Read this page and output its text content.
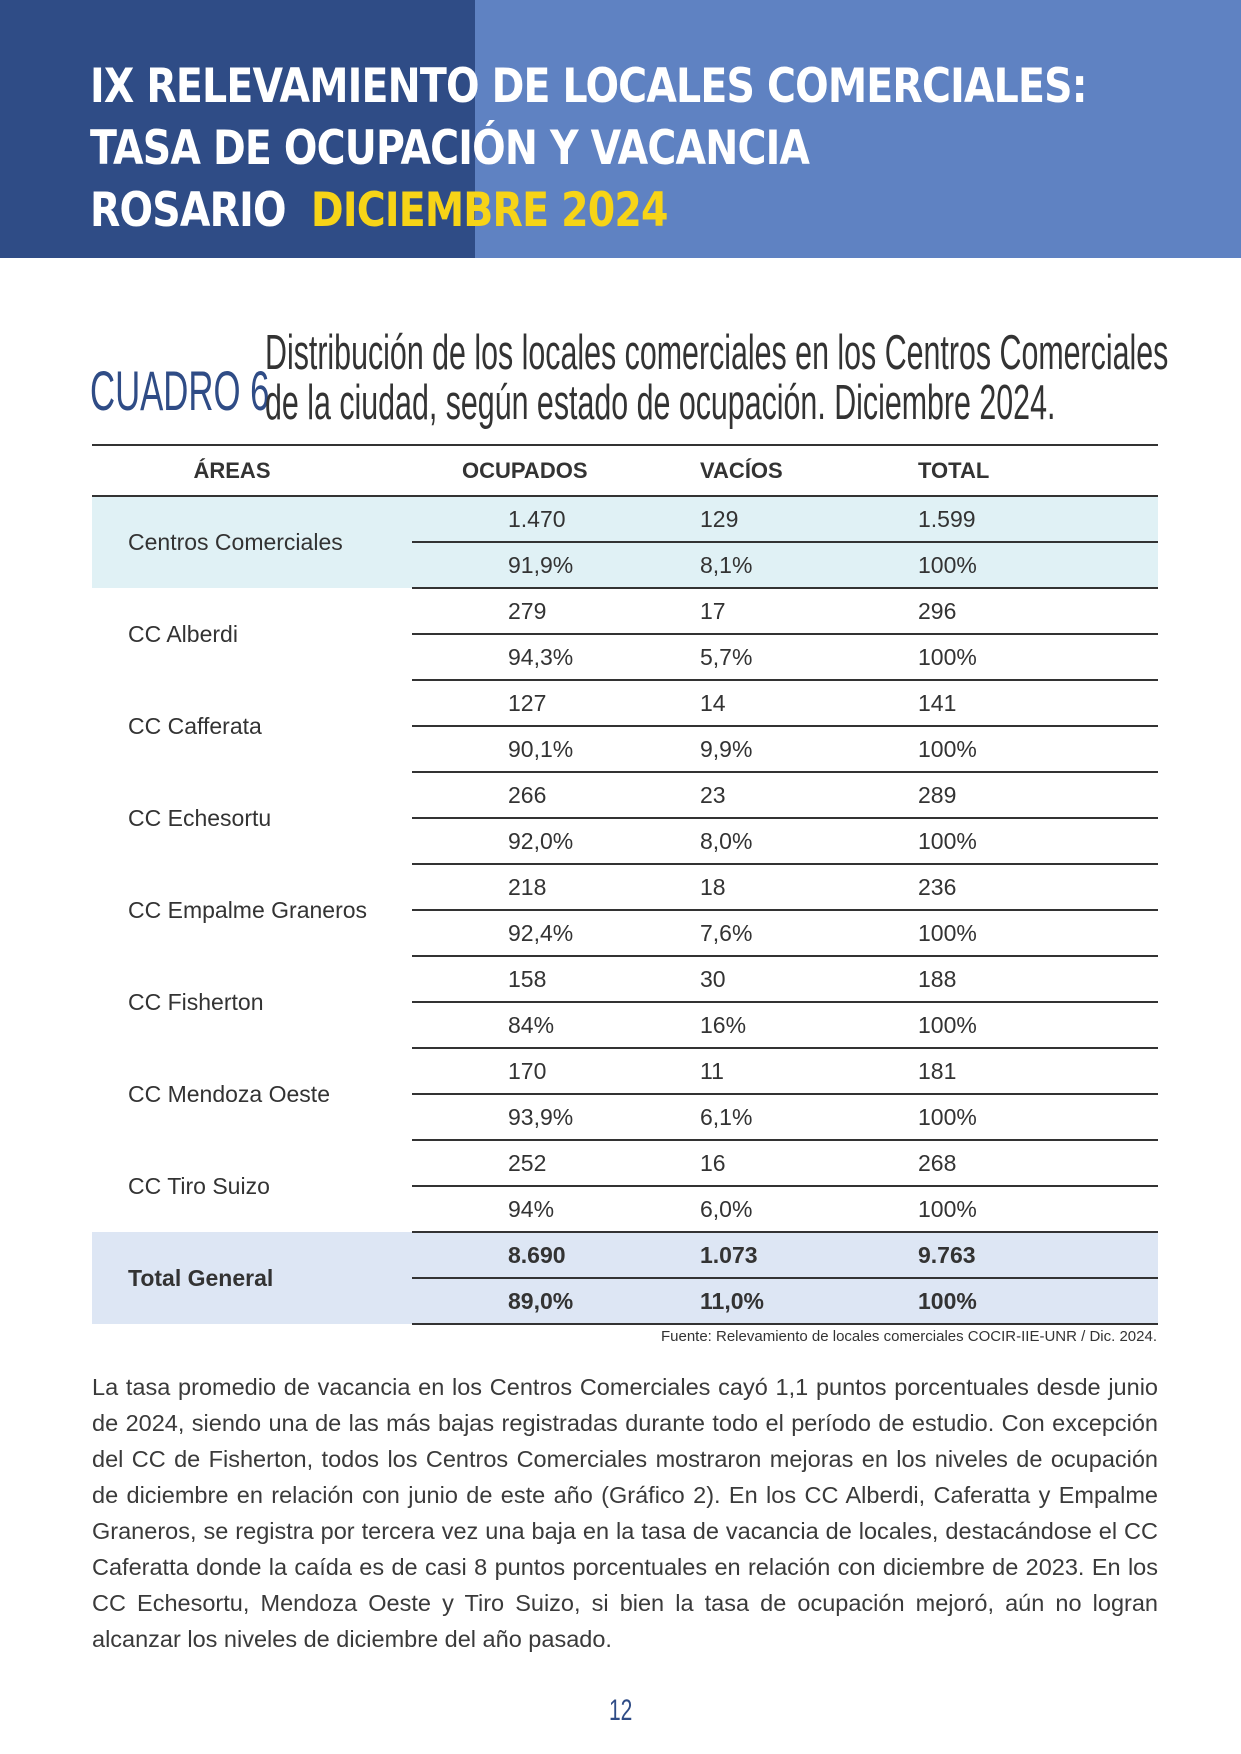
IX RELEVAMIENTO DE LOCALES COMERCIALES:
TASA DE OCUPACIÓN Y VACANCIA
ROSARIO DICIEMBRE 2024

CUADRO 6

Distribución de los locales comerciales en los Centros Comerciales
de la ciudad, según estado de ocupación. Diciembre 2024.
ÁREAS	OCUPADOS	VACÍOS	TOTAL
Centros Comerciales	1.470	129	1.599
	91,9%	8,1%	100%
CC Alberdi	279	17	296
	94,3%	5,7%	100%
CC Cafferata	127	14	141
	90,1%	9,9%	100%
CC Echesortu	266	23	289
	92,0%	8,0%	100%
CC Empalme Graneros	218	18	236
	92,4%	7,6%	100%
CC Fisherton	158	30	188
	84%	16%	100%
CC Mendoza Oeste	170	11	181
	93,9%	6,1%	100%
CC Tiro Suizo	252	16	268
	94%	6,0%	100%
Total General	8.690	1.073	9.763
	89,0%	11,0%	100%

Fuente: Relevamiento de locales comerciales COCIR-IIE-UNR / Dic. 2024.

La tasa promedio de vacancia en los Centros Comerciales cayó 1,1 puntos porcentuales desde junio de 2024, siendo una de las más bajas registradas durante todo el período de estudio. Con excepción del CC de Fisherton, todos los Centros Comerciales mostraron mejoras en los niveles de ocupación de diciembre en relación con junio de este año (Gráfico 2). En los CC Alberdi, Caferatta y Empalme Graneros, se registra por tercera vez una baja en la tasa de vacancia de locales, destacándose el CC Caferatta donde la caída es de casi 8 puntos porcentuales en relación con diciembre de 2023. En los CC Echesortu, Mendoza Oeste y Tiro Suizo, si bien la tasa de ocupación mejoró, aún no logran alcanzar los niveles de diciembre del año pasado.

12
